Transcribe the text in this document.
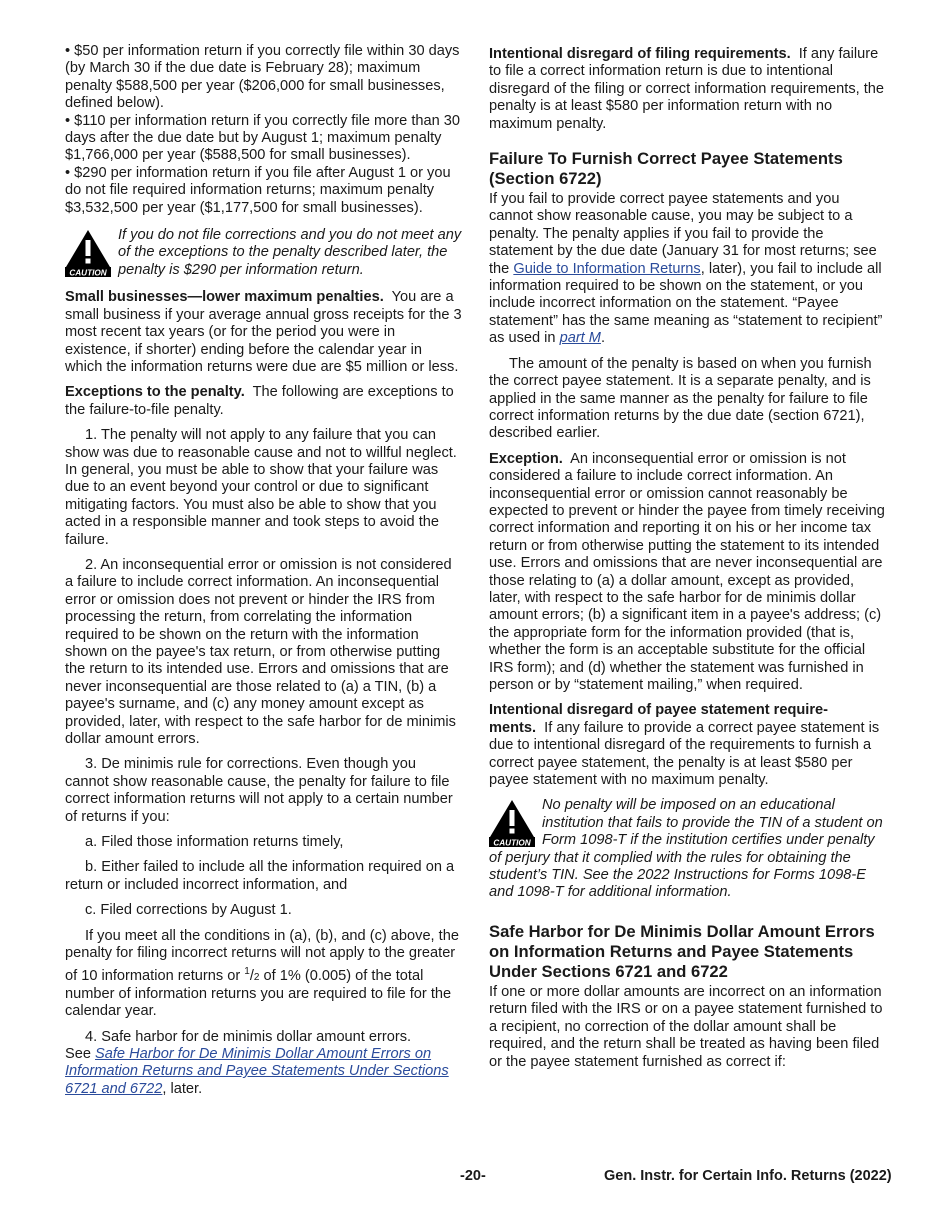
• $50 per information return if you correctly file within 30 days (by March 30 if the due date is February 28); maximum penalty $588,500 per year ($206,000 for small businesses, defined below).

• $110 per information return if you correctly file more than 30 days after the due date but by August 1; maximum penalty $1,766,000 per year ($588,500 for small businesses).

• $290 per information return if you file after August 1 or you do not file required information returns; maximum penalty $3,532,500 per year ($1,177,500 for small businesses).

CAUTION
If you do not file corrections and you do not meet any of the exceptions to the penalty described later, the penalty is $290 per information return.

Small businesses—lower maximum penalties. You are a small business if your average annual gross receipts for the 3 most recent tax years (or for the period you were in existence, if shorter) ending before the calendar year in which the information returns were due are $5 million or less.

Exceptions to the penalty. The following are exceptions to the failure-to-file penalty.

1. The penalty will not apply to any failure that you can show was due to reasonable cause and not to willful neglect. In general, you must be able to show that your failure was due to an event beyond your control or due to significant mitigating factors. You must also be able to show that you acted in a responsible manner and took steps to avoid the failure.

2. An inconsequential error or omission is not considered a failure to include correct information. An inconsequential error or omission does not prevent or hinder the IRS from processing the return, from correlating the information required to be shown on the return with the information shown on the payee's tax return, or from otherwise putting the return to its intended use. Errors and omissions that are never inconsequential are those related to (a) a TIN, (b) a payee's surname, and (c) any money amount except as provided, later, with respect to the safe harbor for de minimis dollar amount errors.

3. De minimis rule for corrections. Even though you cannot show reasonable cause, the penalty for failure to file correct information returns will not apply to a certain number of returns if you:

a. Filed those information returns timely,

b. Either failed to include all the information required on a return or included incorrect information, and

c. Filed corrections by August 1.

If you meet all the conditions in (a), (b), and (c) above, the penalty for filing incorrect returns will not apply to the greater of 10 information returns or $^1$/2 of 1% (0.005) of the total number of information returns you are required to file for the calendar year.

4. Safe harbor for de minimis dollar amount errors.

See Safe Harbor for De Minimis Dollar Amount Errors on Information Returns and Payee Statements Under Sections 6721 and 6722, later.

Intentional disregard of filing requirements. If any failure to file a correct information return is due to intentional disregard of the filing or correct information requirements, the penalty is at least $580 per information return with no maximum penalty.

Failure To Furnish Correct Payee Statements (Section 6722)

If you fail to provide correct payee statements and you cannot show reasonable cause, you may be subject to a penalty. The penalty applies if you fail to provide the statement by the due date (January 31 for most returns; see the Guide to Information Returns, later), you fail to include all information required to be shown on the statement, or you include incorrect information on the statement. “Payee statement” has the same meaning as “statement to recipient” as used in part M.

The amount of the penalty is based on when you furnish the correct payee statement. It is a separate penalty, and is applied in the same manner as the penalty for failure to file correct information returns by the due date (section 6721), described earlier.

Exception. An inconsequential error or omission is not considered a failure to include correct information. An inconsequential error or omission cannot reasonably be expected to prevent or hinder the payee from timely receiving correct information and reporting it on his or her income tax return or from otherwise putting the statement to its intended use. Errors and omissions that are never inconsequential are those relating to (a) a dollar amount, except as provided, later, with respect to the safe harbor for de minimis dollar amount errors; (b) a significant item in a payee's address; (c) the appropriate form for the information provided (that is, whether the form is an acceptable substitute for the official IRS form); and (d) whether the statement was furnished in person or by “statement mailing,” when required.

Intentional disregard of payee statement require-
ments. If any failure to provide a correct payee statement is due to intentional disregard of the requirements to furnish a correct payee statement, the penalty is at least $580 per payee statement with no maximum penalty.

CAUTION
No penalty will be imposed on an educational institution that fails to provide the TIN of a student on Form 1098-T if the institution certifies under penalty of perjury that it complied with the rules for obtaining the student’s TIN. See the 2022 Instructions for Forms 1098-E and 1098-T for additional information.
Safe Harbor for De Minimis Dollar Amount Errors on Information Returns and Payee Statements Under Sections 6721 and 6722

If one or more dollar amounts are incorrect on an information return filed with the IRS or on a payee statement furnished to a recipient, no correction of the dollar amount shall be required, and the return shall be treated as having been filed or the payee statement furnished as correct if:

-20-	Gen. Instr. for Certain Info. Returns (2022)
